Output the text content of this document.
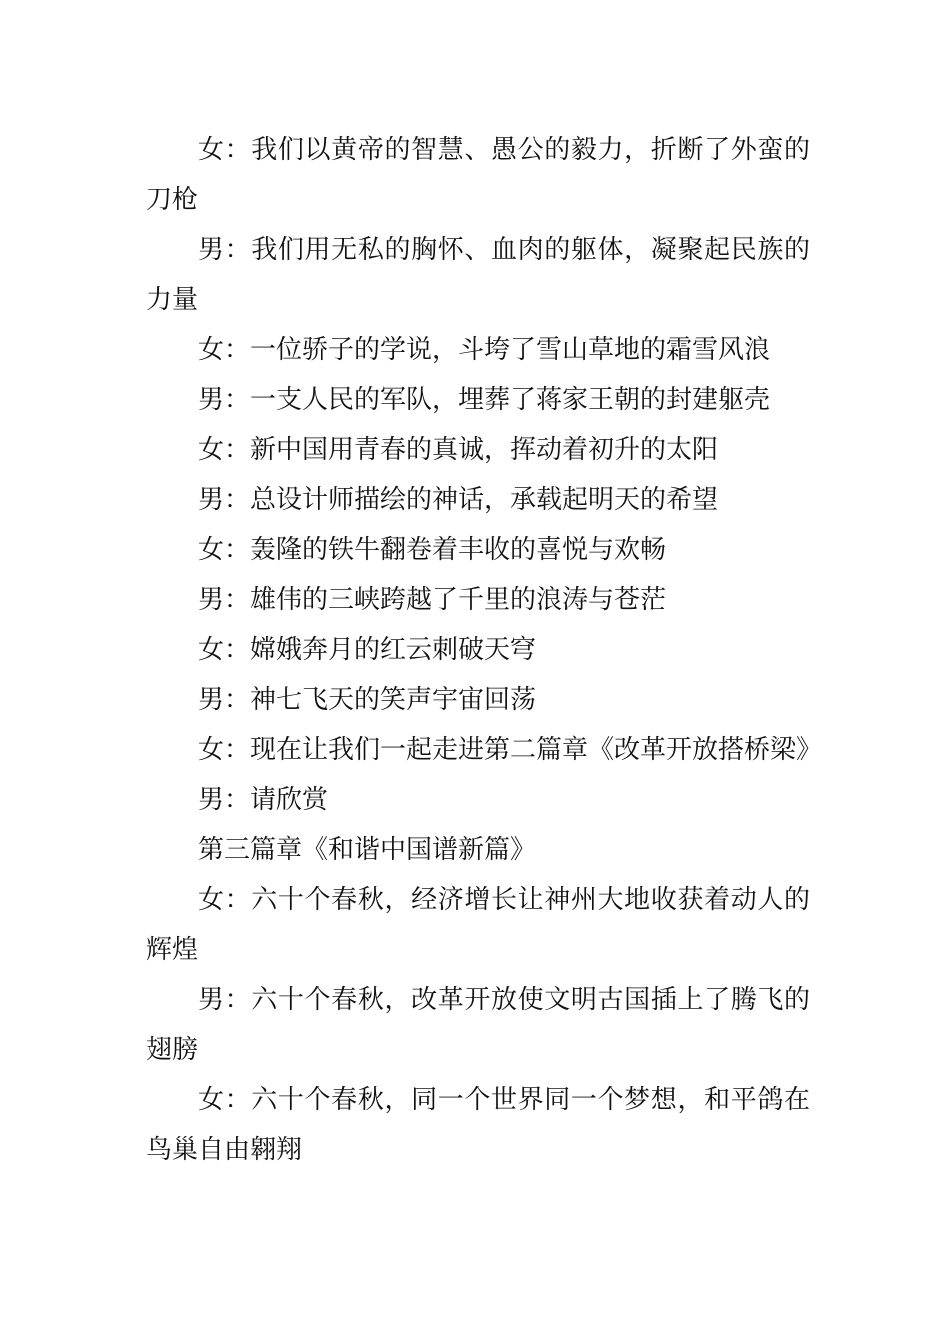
女：我们以黄帝的智慧、愚公的毅力，折断了外蛮的刀枪

男：我们用无私的胸怀、血肉的躯体，凝聚起民族的力量

女：一位骄子的学说，斗垮了雪山草地的霜雪风浪

男：一支人民的军队，埋葬了蒋家王朝的封建躯壳

女：新中国用青春的真诚，挥动着初升的太阳

男：总设计师描绘的神话，承载起明天的希望

女：轰隆的铁牛翻卷着丰收的喜悦与欢畅

男：雄伟的三峡跨越了千里的浪涛与苍茫

女：嫦娥奔月的红云刺破天穹

男：神七飞天的笑声宇宙回荡

女：现在让我们一起走进第二篇章《改革开放搭桥梁》

男：请欣赏

第三篇章《和谐中国谱新篇》

女：六十个春秋，经济增长让神州大地收获着动人的辉煌

男：六十个春秋，改革开放使文明古国插上了腾飞的翅膀

女：六十个春秋，同一个世界同一个梦想，和平鸽在鸟巢自由翱翔
